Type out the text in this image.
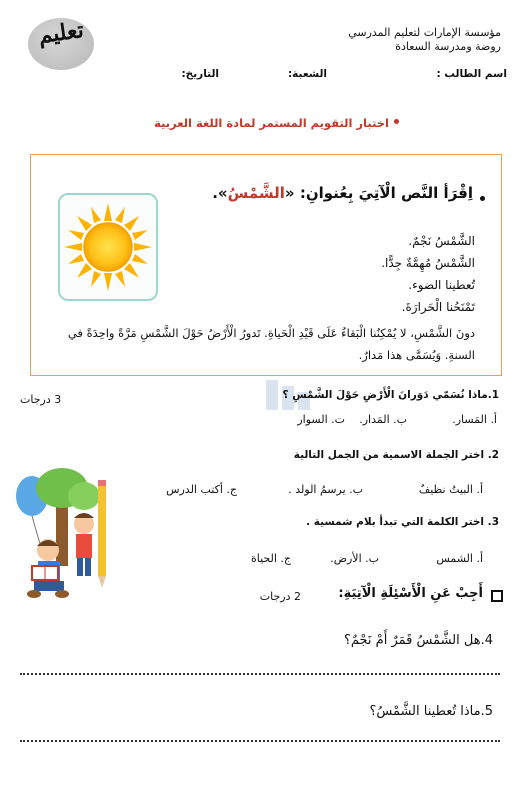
تعليم	مؤسسة الإمارات لتعليم المدرسي
روضة ومدرسة السعادة
اسم الطالب :
الشعبة:
التاريخ:
اختبار التقويم المستمر لمادة اللغة العربية
اِقْرَأ النَّص الْآتِيَ بِعُنوانِ: «الشَّمْسُ».
الشَّمْسُ نَجْمٌ.
الشَّمْسُ مُهِمَّةٌ جِدًّا.
تُعطينا الضوء.
تَمْنَحُنا الْحَرارَةَ.
دونَ الشَّمْسِ، لا يُمْكِنُنا الْبَقاءُ عَلَى قَيْدِ الْحَياةِ. تَدورُ الْأَرْضُ حَوْلَ الشَّمْسِ مَرَّةً واحِدَةً في السنةِ. وَيُسَمَّى هذا مَدارٌ.
1.ماذا نُسَمّي دَوَرانَ الْأَرْضِ حَوْلَ الشَّمْسِ ؟
3 درجات
أ. المَسار.
ب. المَدار.
ت. السوار
2. اختر الجملة الاسمية من الجمل التالية
أ. البيتُ نظيفٌ
ب. يرسمُ الولد .
ج. أكتب الدرس
3. اختر الكلمة التي تبدأ بلام شمسية .
أ. الشمس
ب. الأرض.
ج. الحياة
أَجِبْ عَنِ الْأَسْئِلَةِ الْآتِيَةِ:
2 درجات
4.هل الشَّمْسُ قَمَرٌ أَمْ نَجْمٌ؟
5.ماذا تُعطينا الشَّمْسُ؟
